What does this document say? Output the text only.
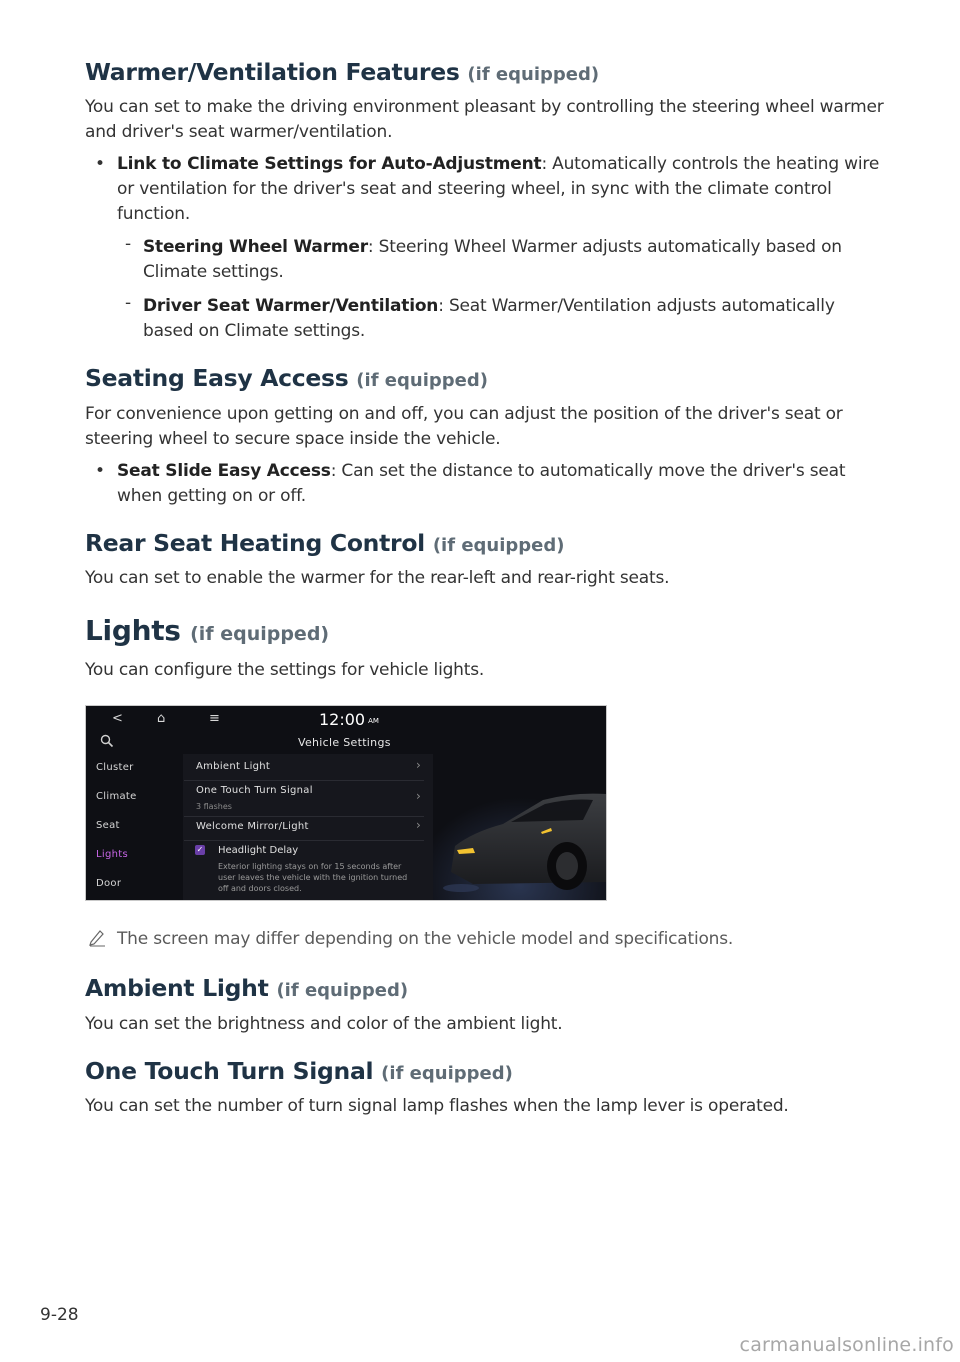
Warmer/Ventilation Features (if equipped)

You can set to make the driving environment pleasant by controlling the steering wheel warmer and driver's seat warmer/ventilation.

• Link to Climate Settings for Auto-Adjustment: Automatically controls the heating wire or ventilation for the driver's seat and steering wheel, in sync with the climate control function.
- Steering Wheel Warmer: Steering Wheel Warmer adjusts automatically based on Climate settings.
- Driver Seat Warmer/Ventilation: Seat Warmer/Ventilation adjusts automatically based on Climate settings.
Seating Easy Access (if equipped)

For convenience upon getting on and off, you can adjust the position of the driver's seat or steering wheel to secure space inside the vehicle.

• Seat Slide Easy Access: Can set the distance to automatically move the driver's seat when getting on or off.
Rear Seat Heating Control (if equipped)

You can set to enable the warmer for the rear-left and rear-right seats.

Lights (if equipped)

You can configure the settings for vehicle lights.

<	⌂	≡	12:00 AM
Vehicle Settings
Cluster
Climate
Seat
Lights
Door
Ambient Light	›
One Touch Turn Signal
3 flashes
›
Welcome Mirror/Light	›
✓ Headlight Delay
Exterior lighting stays on for 15 seconds after user leaves the vehicle with the ignition turned off and doors closed.
The screen may differ depending on the vehicle model and specifications.
Ambient Light (if equipped)

You can set the brightness and color of the ambient light.

One Touch Turn Signal (if equipped)

You can set the number of turn signal lamp flashes when the lamp lever is operated.

9-28
carmanualsonline.info
